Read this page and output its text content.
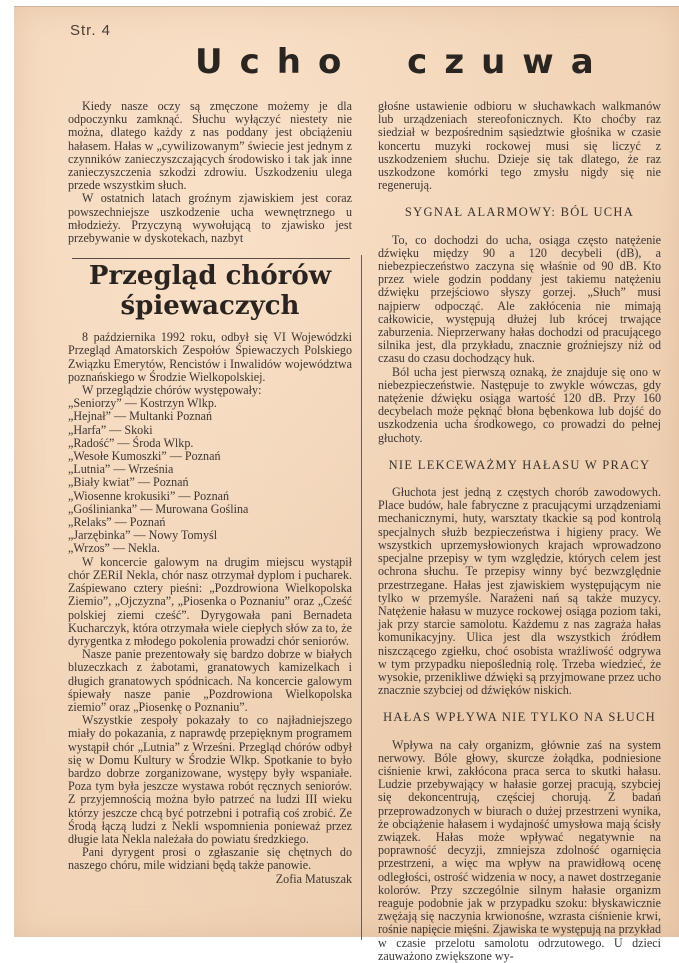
Str. 4
Ucho czuwa

Kiedy nasze oczy są zmęczone możemy je dla odpoczynku zamknąć. Słuchu wyłączyć niestety nie można, dlatego każdy z nas poddany jest obciążeniu hałasem. Hałas w „cywilizowanym” świecie jest jednym z czynników zanieczyszczających środowisko i tak jak inne zanieczyszczenia szkodzi zdrowiu. Uszkodzeniu ulega przede wszystkim słuch.

W ostatnich latach groźnym zjawiskiem jest coraz powszechniejsze uszkodzenie ucha wewnętrznego u młodzieży. Przyczyną wywołującą to zjawisko jest przebywanie w dyskotekach, nazbyt

Przegląd chórów
śpiewaczych

8 października 1992 roku, odbył się VI Wojewódzki Przegląd Amatorskich Zespołów Śpiewaczych Polskiego Związku Emerytów, Rencistów i Inwalidów województwa poznańskiego w Środzie Wielkopolskiej.

W przeglądzie chórów występowały:

„Seniorzy” — Kostrzyn Wlkp.
„Hejnał” — Multanki Poznań
„Harfa” — Skoki
„Radość” — Środa Wlkp.
„Wesołe Kumoszki” — Poznań
„Lutnia” — Września
„Biały kwiat” — Poznań
„Wiosenne krokusiki” — Poznań
„Goślinianka” — Murowana Goślina
„Relaks” — Poznań
„Jarzębinka” — Nowy Tomyśl
„Wrzos” — Nekla.

W koncercie galowym na drugim miejscu wystąpił chór ZERiI Nekla, chór nasz otrzymał dyplom i pucharek. Zaśpiewano cztery pieśni: „Pozdrowiona Wielkopolska Ziemio”, „Ojczyzna”, „Piosenka o Poznaniu” oraz „Cześć polskiej ziemi cześć”. Dyrygowała pani Bernadeta Kucharczyk, która otrzymała wiele ciepłych słów za to, że dyrygentka z młodego pokolenia prowadzi chór seniorów.

Nasze panie prezentowały się bardzo dobrze w białych bluzeczkach z żabotami, granatowych kamizelkach i długich granatowych spódnicach. Na koncercie galowym śpiewały nasze panie „Pozdrowiona Wielkopolska ziemio” oraz „Piosenkę o Poznaniu”.

Wszystkie zespoły pokazały to co najładniejszego miały do pokazania, z naprawdę przepięknym programem wystąpił chór „Lutnia” z Wrześni. Przegląd chórów odbył się w Domu Kultury w Środzie Wlkp. Spotkanie to było bardzo dobrze zorganizowane, występy były wspaniałe. Poza tym była jeszcze wystawa robót ręcznych seniorów. Z przyjemnością można było patrzeć na ludzi III wieku którzy jeszcze chcą być potrzebni i potrafią coś zrobić. Ze Środą łączą ludzi z Nekli wspomnienia ponieważ przez długie lata Nekla należała do powiatu średzkiego.

Pani dyrygent prosi o zgłaszanie się chętnych do naszego chóru, mile widziani będą także panowie.

Zofia Matuszak

głośne ustawienie odbioru w słuchawkach walkmanów lub urządzeniach stereofonicznych. Kto choćby raz siedział w bezpośrednim sąsiedztwie głośnika w czasie koncertu muzyki rockowej musi się liczyć z uszkodzeniem słuchu. Dzieje się tak dlatego, że raz uszkodzone komórki tego zmysłu nigdy się nie regenerują.

SYGNAŁ ALARMOWY: BÓL UCHA

To, co dochodzi do ucha, osiąga często natężenie dźwięku między 90 a 120 decybeli (dB), a niebezpieczeństwo zaczyna się właśnie od 90 dB. Kto przez wiele godzin poddany jest takiemu natężeniu dźwięku przejściowo słyszy gorzej. „Słuch” musi najpierw odpocząć. Ale zakłócenia nie mimają całkowicie, występują dłużej lub krócej trwające zaburzenia. Nieprzerwany hałas dochodzi od pracującego silnika jest, dla przykładu, znacznie groźniejszy niż od czasu do czasu dochodzący huk.

Ból ucha jest pierwszą oznaką, że znajduje się ono w niebezpieczeństwie. Następuje to zwykle wówczas, gdy natężenie dźwięku osiąga wartość 120 dB. Przy 160 decybelach może pęknąć błona bębenkowa lub dojść do uszkodzenia ucha środkowego, co prowadzi do pełnej głuchoty.

NIE LEKCEWAŻMY HAŁASU W PRACY

Głuchota jest jedną z częstych chorób zawodowych. Place budów, hale fabryczne z pracującymi urządzeniami mechanicznymi, huty, warsztaty tkackie są pod kontrolą specjalnych służb bezpieczeństwa i higieny pracy. We wszystkich uprzemysłowionych krajach wprowadzono specjalne przepisy w tym względzie, których celem jest ochrona słuchu. Te przepisy winny być bezwzględnie przestrzegane. Hałas jest zjawiskiem występującym nie tylko w przemyśle. Narażeni nań są także muzycy. Natężenie hałasu w muzyce rockowej osiąga poziom taki, jak przy starcie samolotu. Każdemu z nas zagraża hałas komunikacyjny. Ulica jest dla wszystkich źródłem niszczącego zgiełku, choć osobista wrażliwość odgrywa w tym przypadku niepoślednią rolę. Trzeba wiedzieć, że wysokie, przenikliwe dźwięki są przyjmowane przez ucho znacznie szybciej od dźwięków niskich.

HAŁAS WPŁYWA NIE TYLKO NA SŁUCH

Wpływa na cały organizm, głównie zaś na system nerwowy. Bóle głowy, skurcze żołądka, podniesione ciśnienie krwi, zakłócona praca serca to skutki hałasu. Ludzie przebywający w hałasie gorzej pracują, szybciej się dekoncentrują, częściej chorują. Z badań przeprowadzonych w biurach o dużej przestrzeni wynika, że obciążenie hałasem i wydajność umysłowa mają ścisły związek. Hałas może wpływać negatywnie na poprawność decyzji, zmniejsza zdolność ogarnięcia przestrzeni, a więc ma wpływ na prawidłową ocenę odległości, ostrość widzenia w nocy, a nawet dostrzeganie kolorów. Przy szczególnie silnym hałasie organizm reaguje podobnie jak w przypadku szoku: błyskawicznie zwężają się naczynia krwionośne, wzrasta ciśnienie krwi, rośnie napięcie mięśni. Zjawiska te występują na przykład w czasie przelotu samolotu odrzutowego. U dzieci zauważono zwiększone wy-
